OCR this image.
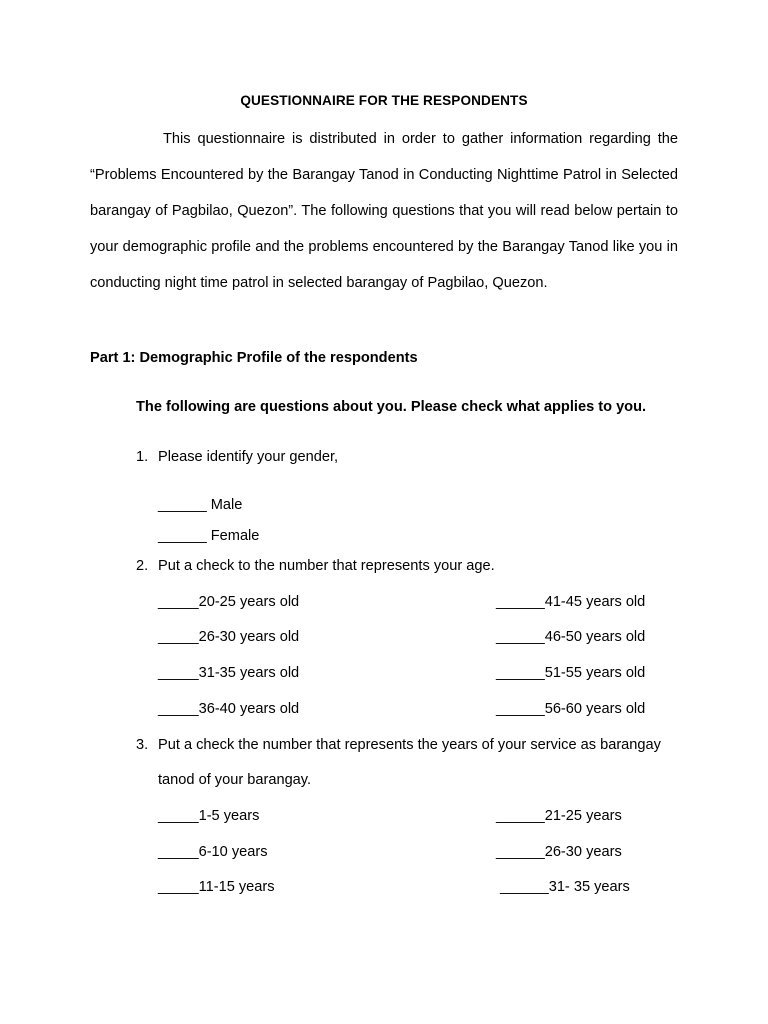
QUESTIONNAIRE FOR THE RESPONDENTS

This questionnaire is distributed in order to gather information regarding the “Problems Encountered by the Barangay Tanod in Conducting Nighttime Patrol in Selected barangay of Pagbilao, Quezon”. The following questions that you will read below pertain to your demographic profile and the problems encountered by the Barangay Tanod like you in conducting night time patrol in selected barangay of Pagbilao, Quezon.

Part 1: Demographic Profile of the respondents
The following are questions about you. Please check what applies to you.
1. Please identify your gender,
______ Male
______ Female
2. Put a check to the number that represents your age.
_____20-25 years old
_____26-30 years old
_____31-35 years old
_____36-40 years old
______41-45 years old
______46-50 years old
______51-55 years old
______56-60 years old
3. Put a check the number that represents the years of your service as barangay
tanod of your barangay.
_____1-5 years
_____6-10 years
_____11-15 years
______21-25 years
______26-30 years
______31- 35 years
